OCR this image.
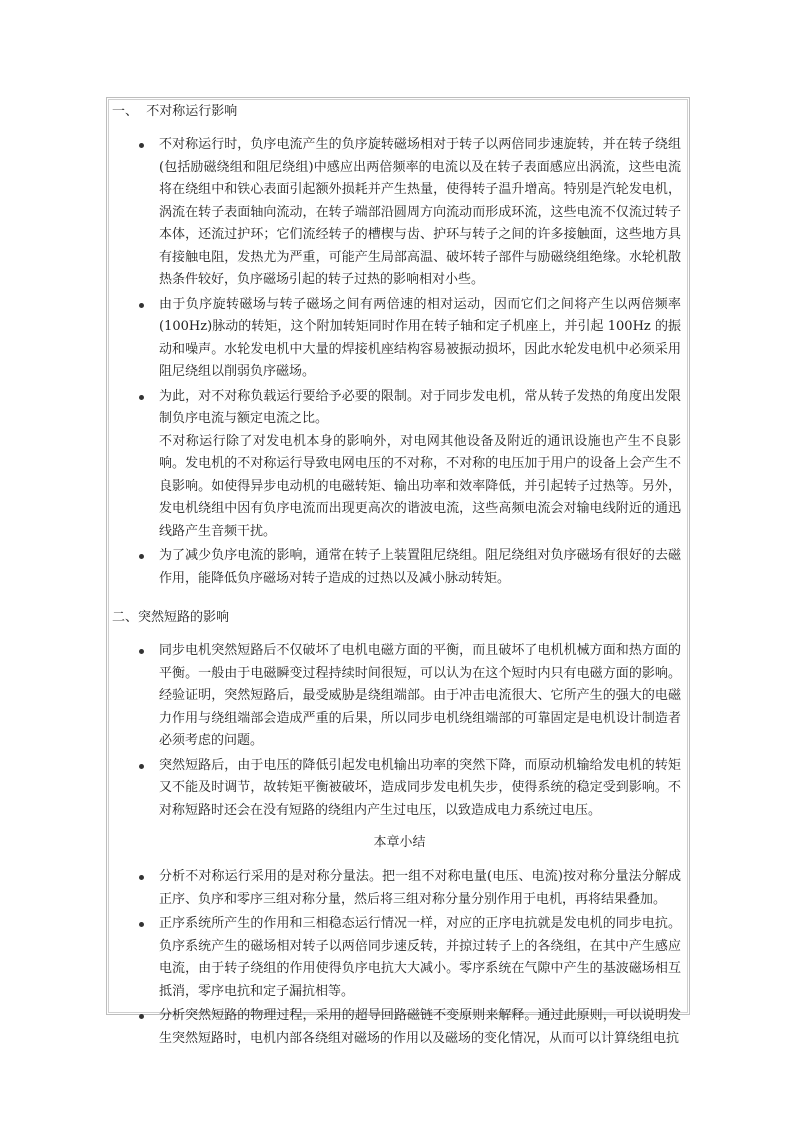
一、  不对称运行影响
不对称运行时，负序电流产生的负序旋转磁场相对于转子以两倍同步速旋转，并在转子绕组(包括励磁绕组和阻尼绕组)中感应出两倍频率的电流以及在转子表面感应出涡流，这些电流将在绕组中和铁心表面引起额外损耗并产生热量，使得转子温升增高。特别是汽轮发电机，涡流在转子表面轴向流动，在转子端部沿圆周方向流动而形成环流，这些电流不仅流过转子本体，还流过护环；它们流经转子的槽楔与齿、护环与转子之间的许多接触面，这些地方具有接触电阻，发热尤为严重，可能产生局部高温、破坏转子部件与励磁绕组绝缘。水轮机散热条件较好，负序磁场引起的转子过热的影响相对小些。
由于负序旋转磁场与转子磁场之间有两倍速的相对运动，因而它们之间将产生以两倍频率(100Hz)脉动的转矩，这个附加转矩同时作用在转子轴和定子机座上，并引起 100Hz 的振动和噪声。水轮发电机中大量的焊接机座结构容易被振动损坏，因此水轮发电机中必须采用阻尼绕组以削弱负序磁场。
为此，对不对称负载运行要给予必要的限制。对于同步发电机，常从转子发热的角度出发限制负序电流与额定电流之比。
不对称运行除了对发电机本身的影响外，对电网其他设备及附近的通讯设施也产生不良影响。发电机的不对称运行导致电网电压的不对称，不对称的电压加于用户的设备上会产生不良影响。如使得异步电动机的电磁转矩、输出功率和效率降低，并引起转子过热等。另外，发电机绕组中因有负序电流而出现更高次的谐波电流，这些高频电流会对输电线附近的通迅线路产生音频干扰。
为了减少负序电流的影响，通常在转子上装置阻尼绕组。阻尼绕组对负序磁场有很好的去磁作用，能降低负序磁场对转子造成的过热以及减小脉动转矩。
二、突然短路的影响
同步电机突然短路后不仅破坏了电机电磁方面的平衡，而且破坏了电机机械方面和热方面的平衡。一般由于电磁瞬变过程持续时间很短，可以认为在这个短时内只有电磁方面的影响。经验证明，突然短路后，最受威胁是绕组端部。由于冲击电流很大、它所产生的强大的电磁力作用与绕组端部会造成严重的后果，所以同步电机绕组端部的可靠固定是电机设计制造者必须考虑的问题。
突然短路后，由于电压的降低引起发电机输出功率的突然下降，而原动机输给发电机的转矩又不能及时调节，故转矩平衡被破坏，造成同步发电机失步，使得系统的稳定受到影响。不对称短路时还会在没有短路的绕组内产生过电压，以致造成电力系统过电压。
本章小结
分析不对称运行采用的是对称分量法。把一组不对称电量(电压、电流)按对称分量法分解成正序、负序和零序三组对称分量，然后将三组对称分量分别作用于电机，再将结果叠加。
正序系统所产生的作用和三相稳态运行情况一样，对应的正序电抗就是发电机的同步电抗。负序系统产生的磁场相对转子以两倍同步速反转，并掠过转子上的各绕组，在其中产生感应电流，由于转子绕组的作用使得负序电抗大大减小。零序系统在气隙中产生的基波磁场相互抵消，零序电抗和定子漏抗相等。
分析突然短路的物理过程，采用的超导回路磁链不变原则来解释。通过此原则，可以说明发生突然短路时，电机内部各绕组对磁场的作用以及磁场的变化情况，从而可以计算绕组电抗
